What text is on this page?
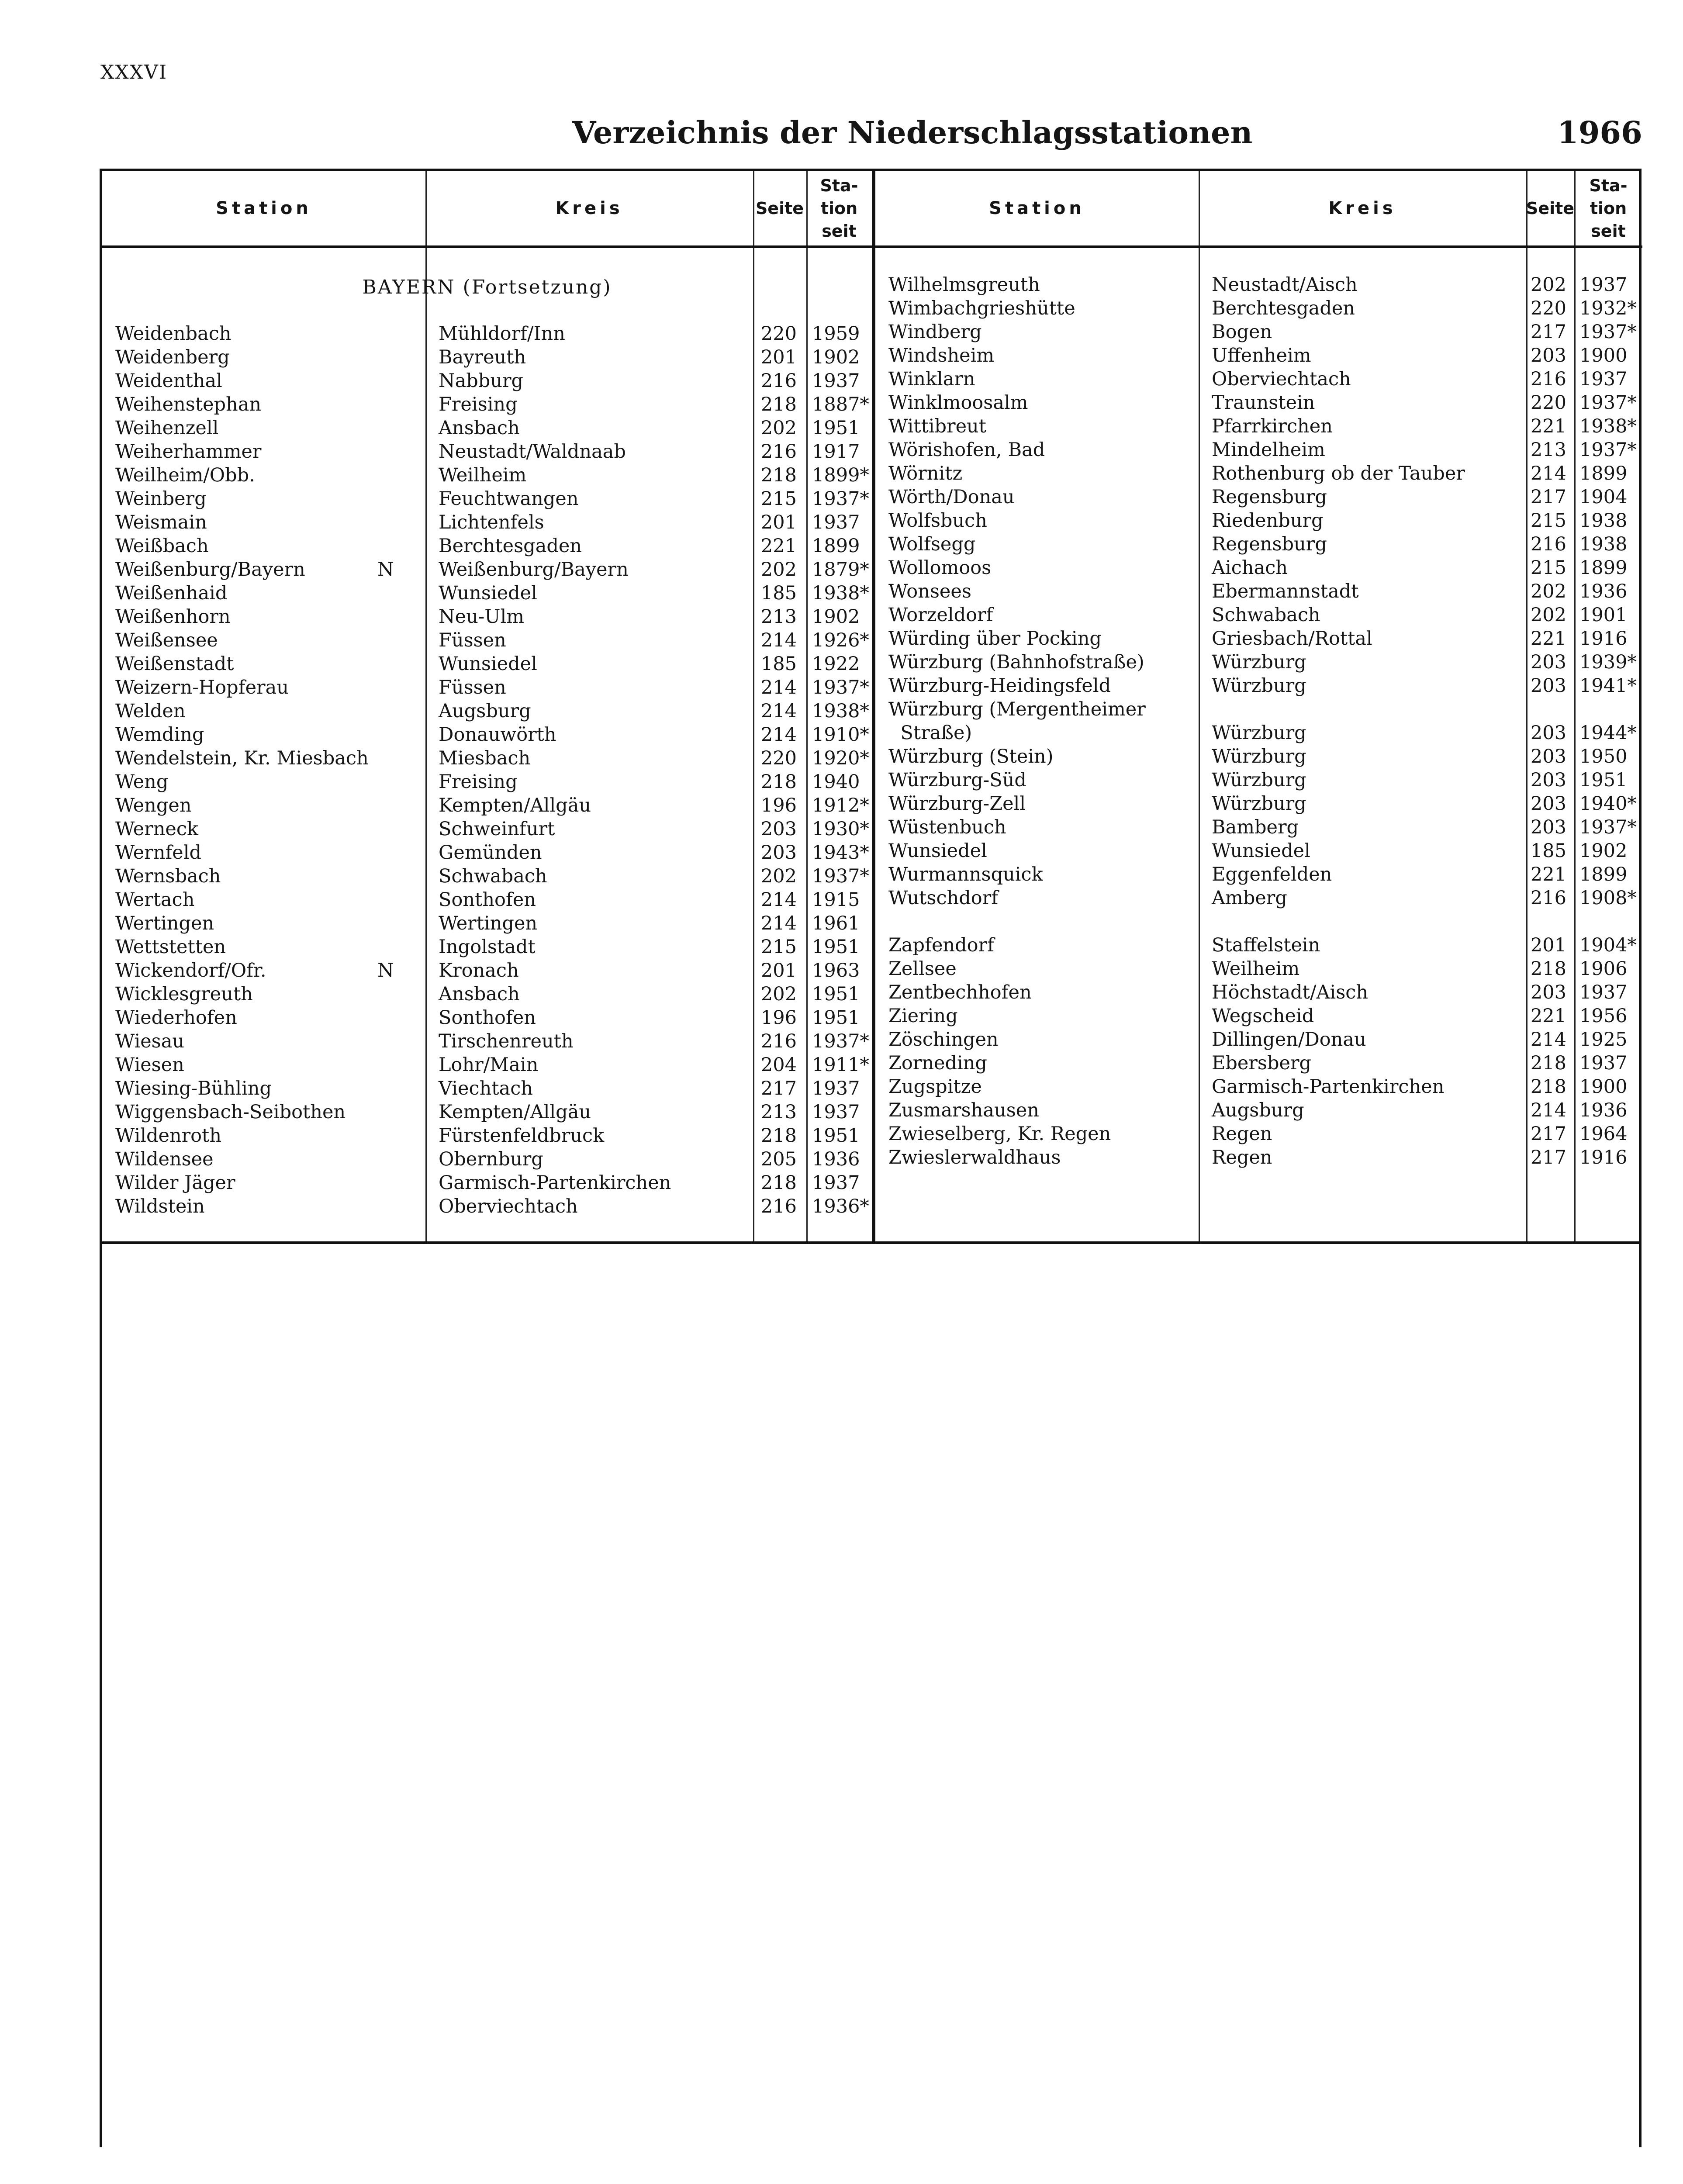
XXXVI
Verzeichnis der Niederschlagsstationen	1966
Station	Kreis	Seite
Sta-
tion
seit
BAYERN (Fortsetzung)
Weidenbach	Mühldorf/Inn	220 1959
Weidenberg	Bayreuth	201 1902
Weidenthal	Nabburg	216 1937
Weihenstephan	Freising	218 1887*
Weihenzell	Ansbach	202 1951
Weiherhammer	Neustadt/Waldnaab	216 1917
Weilheim/Obb.	Weilheim	218 1899*
Weinberg	Feuchtwangen	215 1937*
Weismain	Lichtenfels	201 1937
Weißbach	Berchtesgaden	221 1899
Weißenburg/Bayern	N Weißenburg/Bayern	202 1879*
Weißenhaid	Wunsiedel	185 1938*
Weißenhorn	Neu-Ulm	213 1902
Weißensee	Füssen	214 1926*
Weißenstadt	Wunsiedel	185 1922
Weizern-Hopferau	Füssen	214 1937*
Welden	Augsburg	214 1938*
Wemding	Donauwörth	214 1910*
Wendelstein, Kr. Miesbach	Miesbach	220 1920*
Weng	Freising	218 1940
Wengen	Kempten/Allgäu	196 1912*
Werneck	Schweinfurt	203 1930*
Wernfeld	Gemünden	203 1943*
Wernsbach	Schwabach	202 1937*
Wertach	Sonthofen	214 1915
Wertingen	Wertingen	214 1961
Wettstetten	Ingolstadt	215 1951
Wickendorf/Ofr.	N Kronach	201 1963
Wicklesgreuth	Ansbach	202 1951
Wiederhofen	Sonthofen	196 1951
Wiesau	Tirschenreuth	216 1937*
Wiesen	Lohr/Main	204 1911*
Wiesing-Bühling	Viechtach	217 1937
Wiggensbach-Seibothen	Kempten/Allgäu	213 1937
Wildenroth	Fürstenfeldbruck	218 1951
Wildensee	Obernburg	205 1936
Wilder Jäger	Garmisch-Partenkirchen	218 1937
Wildstein	Oberviechtach	216 1936*
Station	Kreis	Seite
Sta-
tion
seit
Wilhelmsgreuth	Neustadt/Aisch	202 1937
Wimbachgrieshütte	Berchtesgaden	220 1932*
Windberg	Bogen	217 1937*
Windsheim	Uffenheim	203 1900
Winklarn	Oberviechtach	216 1937
Winklmoosalm	Traunstein	220 1937*
Wittibreut	Pfarrkirchen	221 1938*
Wörishofen, Bad	Mindelheim	213 1937*
Wörnitz	Rothenburg ob der Tauber	214 1899
Wörth/Donau	Regensburg	217 1904
Wolfsbuch	Riedenburg	215 1938
Wolfsegg	Regensburg	216 1938
Wollomoos	Aichach	215 1899
Wonsees	Ebermannstadt	202 1936
Worzeldorf	Schwabach	202 1901
Würding über Pocking	Griesbach/Rottal	221 1916
Würzburg (Bahnhofstraße)	Würzburg	203 1939*
Würzburg-Heidingsfeld	Würzburg	203 1941*
Würzburg (Mergentheimer
Straße)	Würzburg	203 1944*
Würzburg (Stein)	Würzburg	203 1950
Würzburg-Süd	Würzburg	203 1951
Würzburg-Zell	Würzburg	203 1940*
Wüstenbuch	Bamberg	203 1937*
Wunsiedel	Wunsiedel	185 1902
Wurmannsquick	Eggenfelden	221 1899
Wutschdorf	Amberg	216 1908*
Zapfendorf	Staffelstein	201 1904*
Zellsee	Weilheim	218 1906
Zentbechhofen	Höchstadt/Aisch	203 1937
Ziering	Wegscheid	221 1956
Zöschingen	Dillingen/Donau	214 1925
Zorneding	Ebersberg	218 1937
Zugspitze	Garmisch-Partenkirchen	218 1900
Zusmarshausen	Augsburg	214 1936
Zwieselberg, Kr. Regen	Regen	217 1964
Zwieslerwaldhaus	Regen	217 1916
